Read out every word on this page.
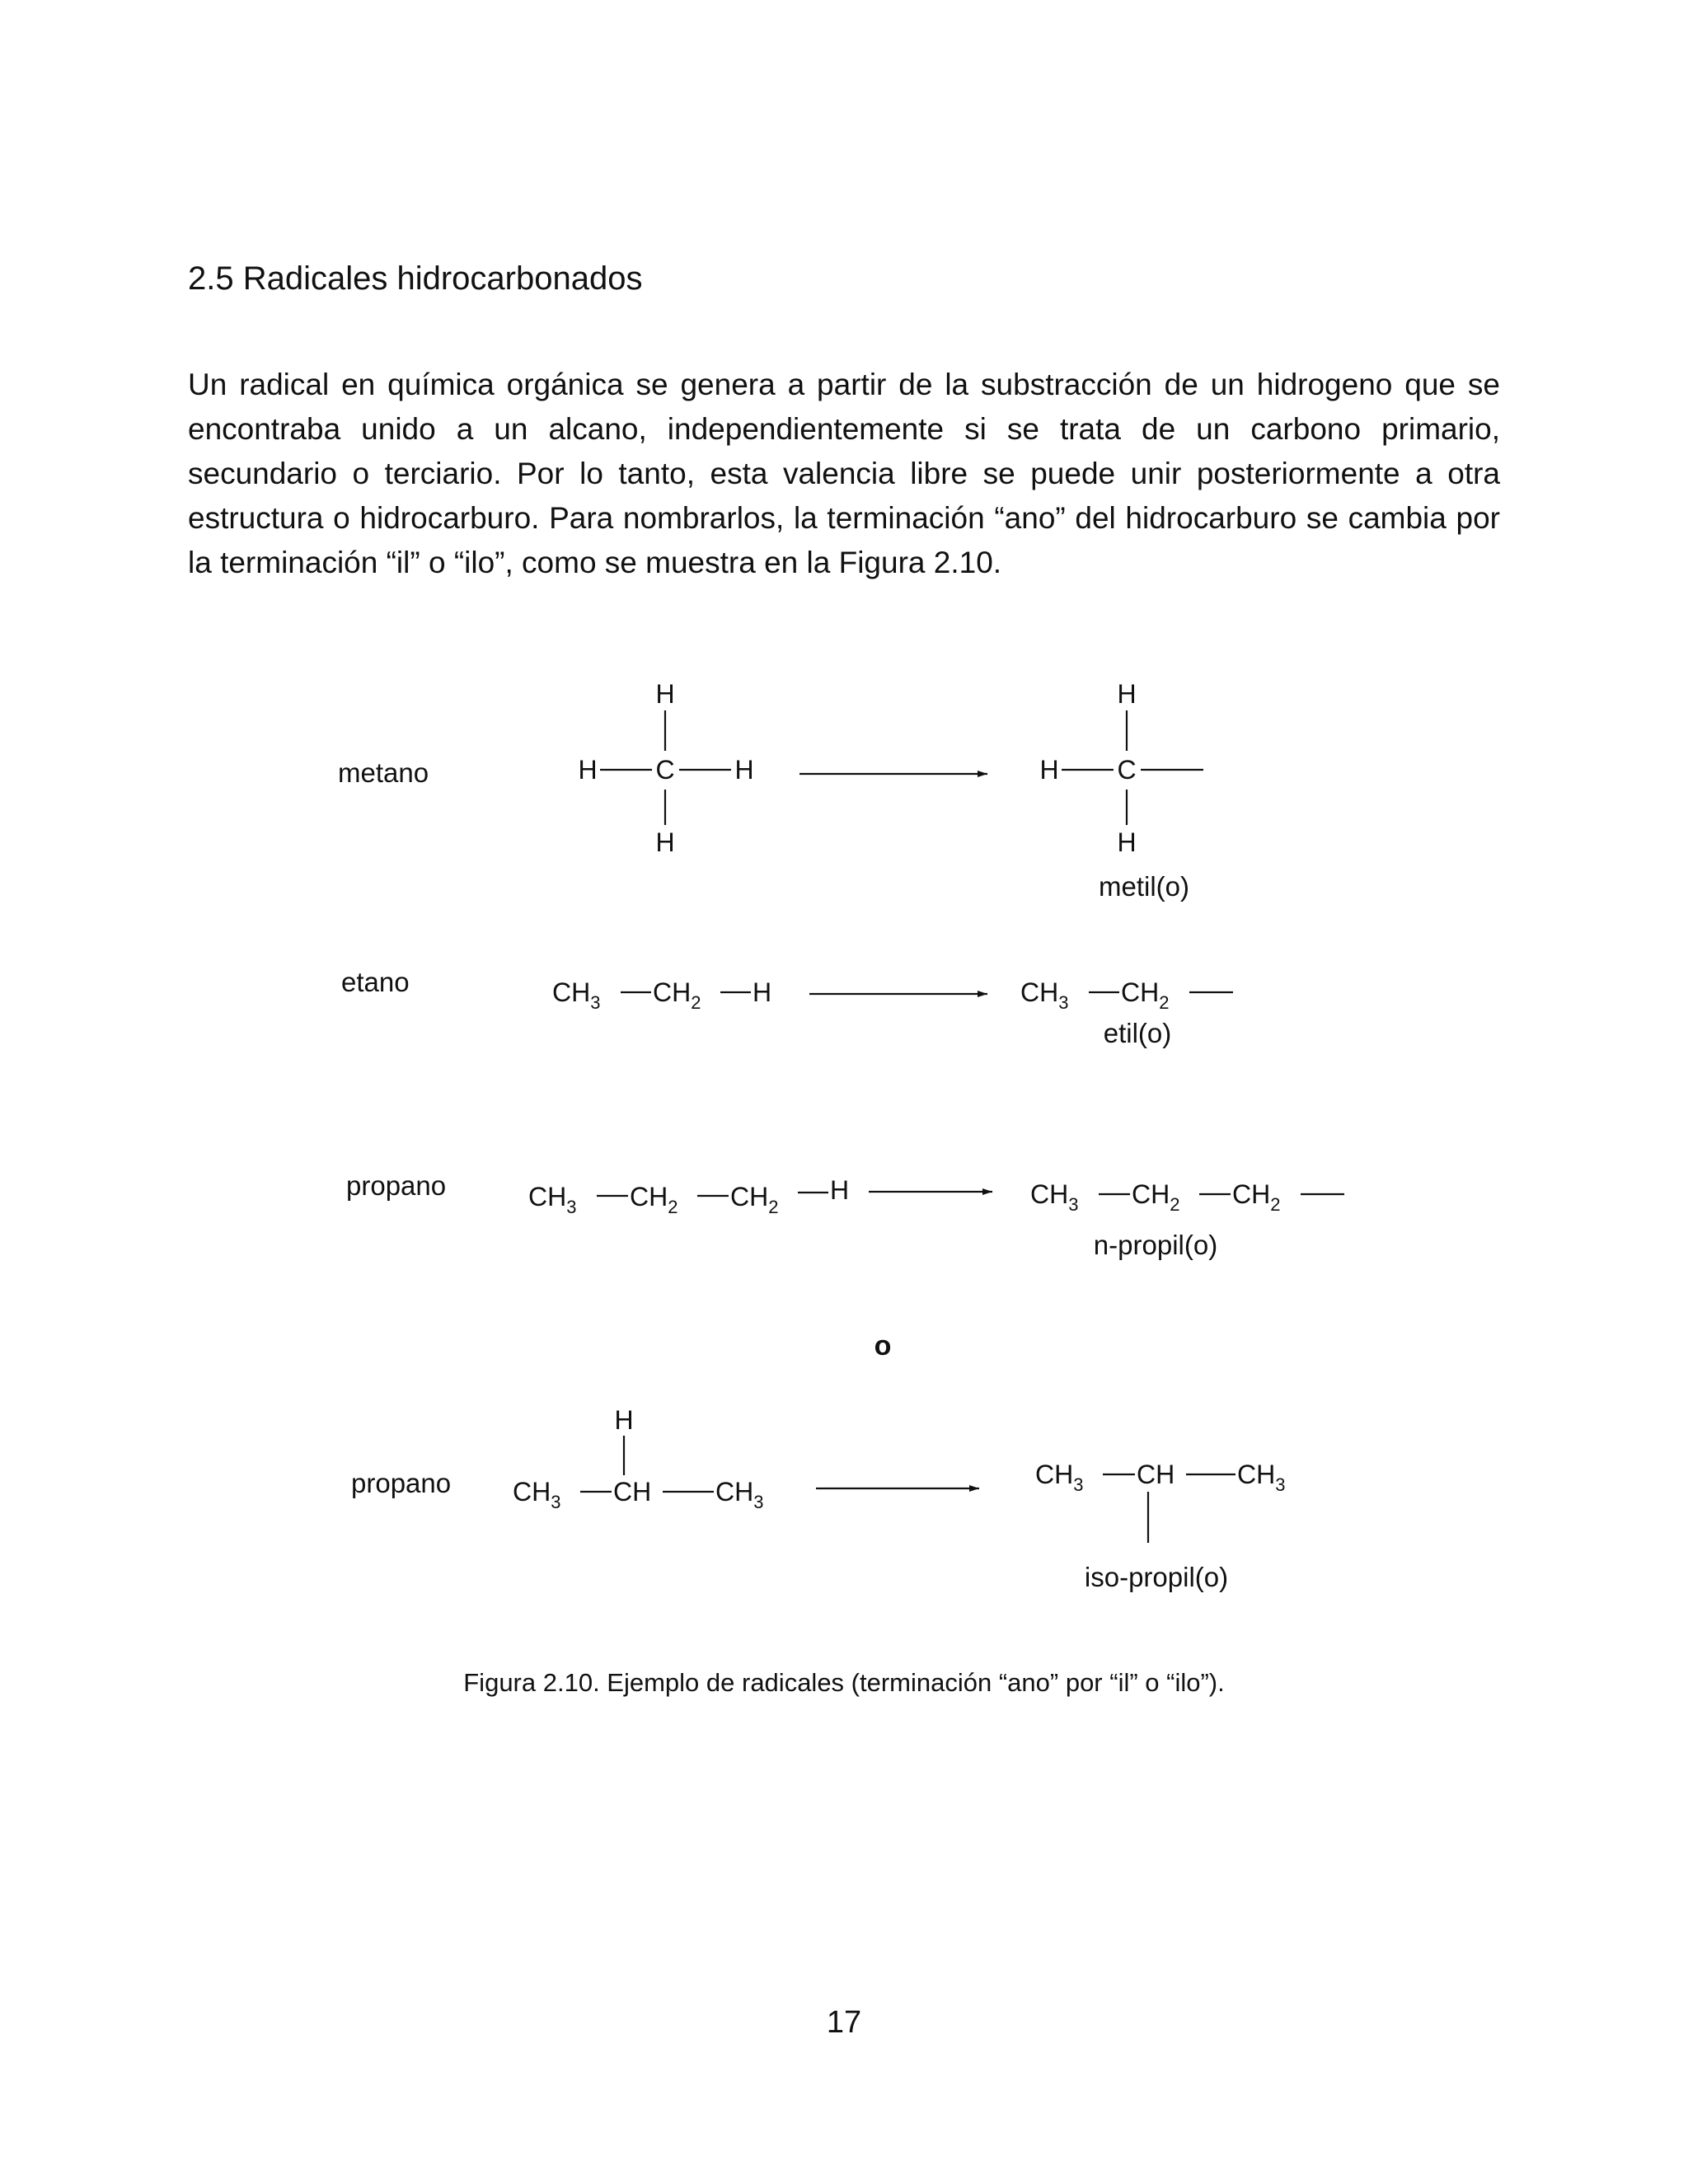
2.5 Radicales hidrocarbonados
Un radical en química orgánica se genera a partir de la substracción de un hidrogeno que se encontraba unido a un alcano, independientemente si se trata de un carbono primario, secundario o terciario. Por lo tanto, esta valencia libre se puede unir posteriormente a otra estructura o hidrocarburo. Para nombrarlos, la terminación “ano” del hidrocarburo se cambia por la terminación “il” o “ilo”, como se muestra en la Figura 2.10.
metano
H
H C H
H
H
H C
H
metil(o)
etano	$CH_3$ $CH_2$ H	$CH_3$ $CH_2$
etil(o)
propano	$CH_3$ $CH_2$ $CH_2$
H	$CH_3$ $CH_2$ $CH_2$
n-propil(o)
o
propano
H
$CH_3$ CH $CH_3$
$CH_3$ CH $CH_3$
iso-propil(o)
Figura 2.10. Ejemplo de radicales (terminación “ano” por “il” o “ilo”).
17
